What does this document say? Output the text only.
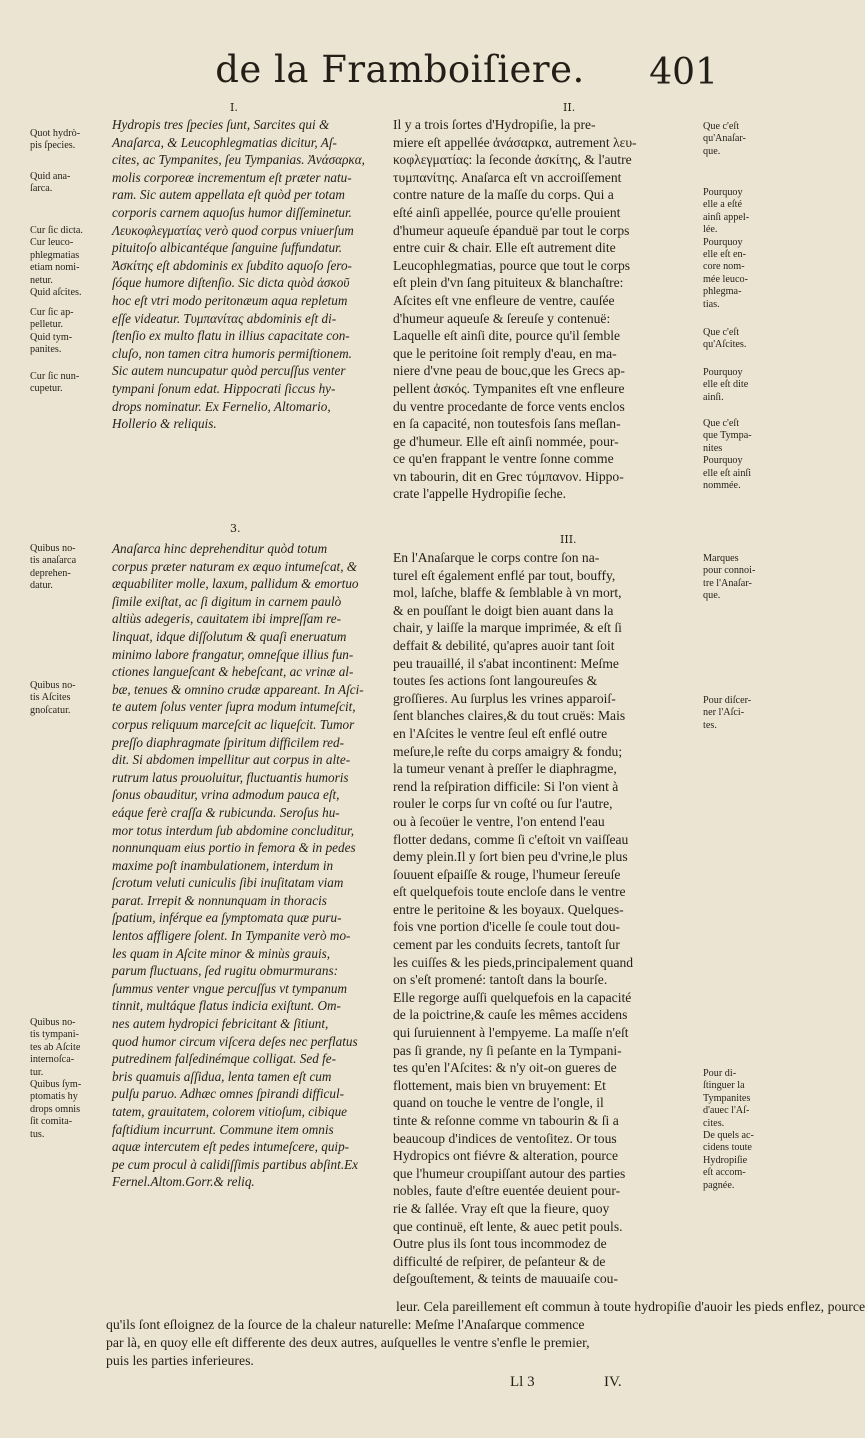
de la Framboiſiere.	401
I.
Hydropis tres ſpecies ſunt, Sarcites qui &
Anaſarca, & Leucophlegmatias dicitur, Aſ-
cites, ac Tympanites, ſeu Tympanias. Ἀνάσαρκα,
molis corporeæ incrementum eſt præter natu-
ram. Sic autem appellata eſt quòd per totam
corporis carnem aquoſus humor diſſeminetur.
Λευκοφλεγματίας verò quod corpus vniuerſum
pituitoſo albicantéque ſanguine ſuffundatur.
Ἀσκίτης eſt abdominis ex ſubdito aquoſo ſero-
ſóque humore diſtenſio. Sic dicta quòd ἀσκοῦ
hoc eſt vtri modo peritonæum aqua repletum
eſſe videatur. Τυμπανίτας abdominis eſt di-
ſtenſio ex multo flatu in illius capacitate con-
cluſo, non tamen citra humoris permiſtionem.
Sic autem nuncupatur quòd percuſſus venter
tympani ſonum edat. Hippocrati ſiccus hy-
drops nominatur. Ex Fernelio, Altomario,
Hollerio & reliquis.
II.
Il y a trois ſortes d'Hydropiſie, la pre-
miere eſt appellée ἀνάσαρκα, autrement λευ-
κοφλεγματίας: la ſeconde ἀσκίτης, & l'autre
τυμπανίτης. Anaſarca eſt vn accroiſſement
contre nature de la maſſe du corps. Qui a
eſté ainſi appellée, pource qu'elle prouient
d'humeur aqueuſe épanduë par tout le corps
entre cuir & chair. Elle eſt autrement dite
Leucophlegmatias, pource que tout le corps
eſt plein d'vn ſang pituiteux & blanchaſtre:
Aſcites eſt vne enfleure de ventre, cauſée
d'humeur aqueuſe & ſereuſe y contenuë:
Laquelle eſt ainſi dite, pource qu'il ſemble
que le peritoine ſoit remply d'eau, en ma-
niere d'vne peau de bouc,que les Grecs ap-
pellent ἀσκός. Tympanites eſt vne enfleure
du ventre procedante de force vents enclos
en ſa capacité, non toutesfois ſans meſlan-
ge d'humeur. Elle eſt ainſi nommée, pour-
ce qu'en frappant le ventre ſonne comme
vn tabourin, dit en Grec τύμπανον. Hippo-
crate l'appelle Hydropiſie ſeche.
3.
Anaſarca hinc deprehenditur quòd totum
corpus præter naturam ex æquo intumeſcat, &
æquabiliter molle, laxum, pallidum & emortuo
ſimile exiſtat, ac ſi digitum in carnem paulò
altiùs adegeris, cauitatem ibi impreſſam re-
linquat, idque diſſolutum & quaſi eneruatum
minimo labore frangatur, omneſque illius fun-
ctiones langueſcant & hebeſcant, ac vrinæ al-
bæ, tenues & omnino crudæ appareant. In Aſci-
te autem ſolus venter ſupra modum intumeſcit,
corpus reliquum marceſcit ac liqueſcit. Tumor
preſſo diaphragmate ſpiritum difficilem red-
dit. Si abdomen impellitur aut corpus in alte-
rutrum latus prouoluitur, fluctuantis humoris
ſonus obauditur, vrina admodum pauca eſt,
eáque ferè craſſa & rubicunda. Seroſus hu-
mor totus interdum ſub abdomine concluditur,
nonnunquam eius portio in femora & in pedes
maxime poſt inambulationem, interdum in
ſcrotum veluti cuniculis ſibi inuſitatam viam
parat. Irrepit & nonnunquam in thoracis
ſpatium, inférque ea ſymptomata quæ puru-
lentos affligere ſolent. In Tympanite verò mo-
les quam in Aſcite minor & minùs grauis,
parum fluctuans, ſed rugitu obmurmurans:
ſummus venter vngue percuſſus vt tympanum
tinnit, multáque flatus indicia exiſtunt. Om-
nes autem hydropici febricitant & ſitiunt,
quod humor circum viſcera deſes nec perflatus
putredinem falſedinémque colligat. Sed fe-
bris quamuis aſſidua, lenta tamen eſt cum
pulſu paruo. Adhæc omnes ſpirandi difficul-
tatem, grauitatem, colorem vitioſum, cibique
faſtidium incurrunt. Commune item omnis
aquæ intercutem eſt pedes intumeſcere, quip-
pe cum procul à calidiſſimis partibus abſint.Ex
Fernel.Altom.Gorr.& reliq.
III.
En l'Anaſarque le corps contre ſon na-
turel eſt également enflé par tout, bouffy,
mol, laſche, blaffe & ſemblable à vn mort,
& en pouſſant le doigt bien auant dans la
chair, y laiſſe la marque imprimée, & eſt ſi
deffait & debilité, qu'apres auoir tant ſoit
peu trauaillé, il s'abat incontinent: Meſme
toutes ſes actions ſont langoureuſes &
groſſieres. Au ſurplus les vrines apparoiſ-
ſent blanches claires,& du tout cruës: Mais
en l'Aſcites le ventre ſeul eſt enflé outre
meſure,le reſte du corps amaigry & fondu;
la tumeur venant à preſſer le diaphragme,
rend la reſpiration difficile: Si l'on vient à
rouler le corps ſur vn coſté ou ſur l'autre,
ou à ſecoüer le ventre, l'on entend l'eau
flotter dedans, comme ſi c'eſtoit vn vaiſſeau
demy plein.Il y ſort bien peu d'vrine,le plus
ſouuent eſpaiſſe & rouge, l'humeur ſereuſe
eſt quelquefois toute encloſe dans le ventre
entre le peritoine & les boyaux. Quelques-
fois vne portion d'icelle ſe coule tout dou-
cement par les conduits ſecrets, tantoſt ſur
les cuiſſes & les pieds,principalement quand
on s'eſt promené: tantoſt dans la bourſe.
Elle regorge auſſi quelquefois en la capacité
de la poictrine,& cauſe les mêmes accidens
qui ſuruiennent à l'empyeme. La maſſe n'eſt
pas ſi grande, ny ſi peſante en la Tympani-
tes qu'en l'Aſcites: & n'y oit-on gueres de
flottement, mais bien vn bruyement: Et
quand on touche le ventre de l'ongle, il
tinte & reſonne comme vn tabourin & ſi a
beaucoup d'indices de ventoſitez. Or tous
Hydropics ont fiévre & alteration, pource
que l'humeur croupiſſant autour des parties
nobles, faute d'eſtre euentée deuient pour-
rie & ſallée. Vray eſt que la fieure, quoy
que continuë, eſt lente, & auec petit pouls.
Outre plus ils ſont tous incommodez de
difficulté de reſpirer, de peſanteur & de
deſgouſtement, & teints de mauuaiſe cou-
leur. Cela pareillement eſt commun à toute hydropiſie d'auoir les pieds enflez, pource
qu'ils ſont eſloignez de la ſource de la chaleur naturelle: Meſme l'Anaſarque commence
par là, en quoy elle eſt differente des deux autres, auſquelles le ventre s'enfle le premier,
puis les parties inferieures.
Ll 3	IV.
Quot hydrò-
pis ſpecies.
Quid ana-
ſarca.
Cur ſic dicta.
Cur leuco-
phlegmatias
etiam nomi-
netur.
Quid aſcites.
Cur ſic ap-
pelletur.
Quid tym-
panites.
Cur ſic nun-
cupetur.
Quibus no-
tis anaſarca
deprehen-
datur.
Quibus no-
tis Aſcites
gnoſcatur.
Quibus no-
tis tympani-
tes ab Aſcite
internoſca-
tur.
Quibus ſym-
ptomatis hy
drops omnis
ſit comita-
tus.
Que c'eſt
qu'Anaſar-
que.
Pourquoy
elle a eſté
ainſi appel-
lée.
Pourquoy
elle eſt en-
core nom-
mée leuco-
phlegma-
tias.
Que c'eſt
qu'Aſcites.
Pourquoy
elle eſt dite
ainſi.
Que c'eſt
que Tympa-
nites
Pourquoy
elle eſt ainſi
nommée.
Marques
pour connoi-
tre l'Anaſar-
que.
Pour diſcer-
ner l'Aſci-
tes.
Pour di-
ſtinguer la
Tympanites
d'auec l'Aſ-
cites.
De quels ac-
cidens toute
Hydropiſie
eſt accom-
pagnée.
